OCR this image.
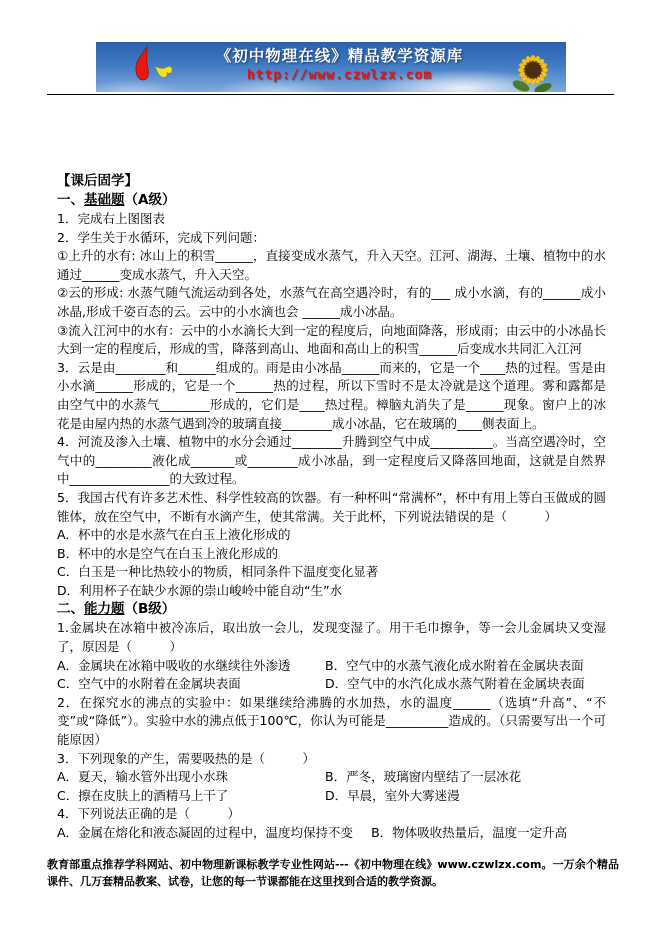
《初中物理在线》精品教学资源库
http://www.czwlzx.com

【课后固学】

一、基础题（A级）

1．完成右上图图表

2．学生关于水循环，完成下列问题：

①上升的水有: 冰山上的积雪______，直接变成水蒸气，升入天空。江河、湖海、土壤、植物中的水通过______变成水蒸气，升入天空。

②云的形成: 水蒸气随气流运动到各处，水蒸气在高空遇冷时，有的___ 成小水滴，有的______成小冰晶,形成千姿百态的云。云中的小水滴也会 ______成小冰晶。

③流入江河中的水有：云中的小水滴长大到一定的程度后，向地面降落，形成雨；由云中的小冰晶长大到一定的程度后，形成的雪，降落到高山、地面和高山上的积雪______后变成水共同汇入江河

3．云是由________和______组成的。雨是由小冰晶______而来的，它是一个____热的过程。雪是由小水滴______形成的，它是一个______热的过程，所以下雪时不是太冷就是这个道理。雾和露都是由空气中的水蒸气________形成的，它们是____热过程。樟脑丸消失了是______现象。窗户上的冰花是由屋内热的水蒸气遇到冷的玻璃直接________成小冰晶，它在玻璃的____侧表面上。

4．河流及渗入土壤、植物中的水分会通过________升腾到空气中成__________。当高空遇冷时，空气中的_________液化成_______或________成小冰晶，到一定程度后又降落回地面，这就是自然界中________________的大致过程。

5．我国古代有许多艺术性、科学性较高的饮器。有一种杯叫“常满杯”，杯中有用上等白玉做成的圆锥体，放在空气中，不断有水滴产生，使其常满。关于此杯，下列说法错误的是（　　　）

A．杯中的水是水蒸气在白玉上液化形成的

B．杯中的水是空气在白玉上液化形成的

C．白玉是一种比热较小的物质，相同条件下温度变化显著

D．利用杯子在缺少水源的崇山峻岭中能自动“生”水

二、能力题（B级）

1.金属块在冰箱中被冷冻后，取出放一会儿，发现变湿了。用干毛巾擦争，等一会儿金属块又变湿了，原因是（　　　）

A．金属块在冰箱中吸收的水继续往外渗透	B．空气中的水蒸气液化成水附着在金属块表面
C．空气中的水附着在金属块表面	D．空气中的水汽化成水蒸气附着在金属块表面

2．在探究水的沸点的实验中：如果继续给沸腾的水加热，水的温度______（选填“升高”、“不变”或“降低”）。实验中水的沸点低于100℃，你认为可能是__________造成的。（只需要写出一个可能原因）

3．下列现象的产生，需要吸热的是（　　　）

A．夏天，输水管外出现小水珠	B．严冬，玻璃窗内壁结了一层冰花
C．擦在皮肤上的酒精马上干了	D．早晨，室外大雾迷漫

4．下列说法正确的是（　　　）

A．金属在熔化和液态凝固的过程中，温度均保持不变 B．物体吸收热量后，温度一定升高

教育部重点推荐学科网站、初中物理新课标教学专业性网站---《初中物理在线》www.czwlzx.com。一万余个精品课件、几万套精品教案、试卷，让您的每一节课都能在这里找到合适的教学资源。
